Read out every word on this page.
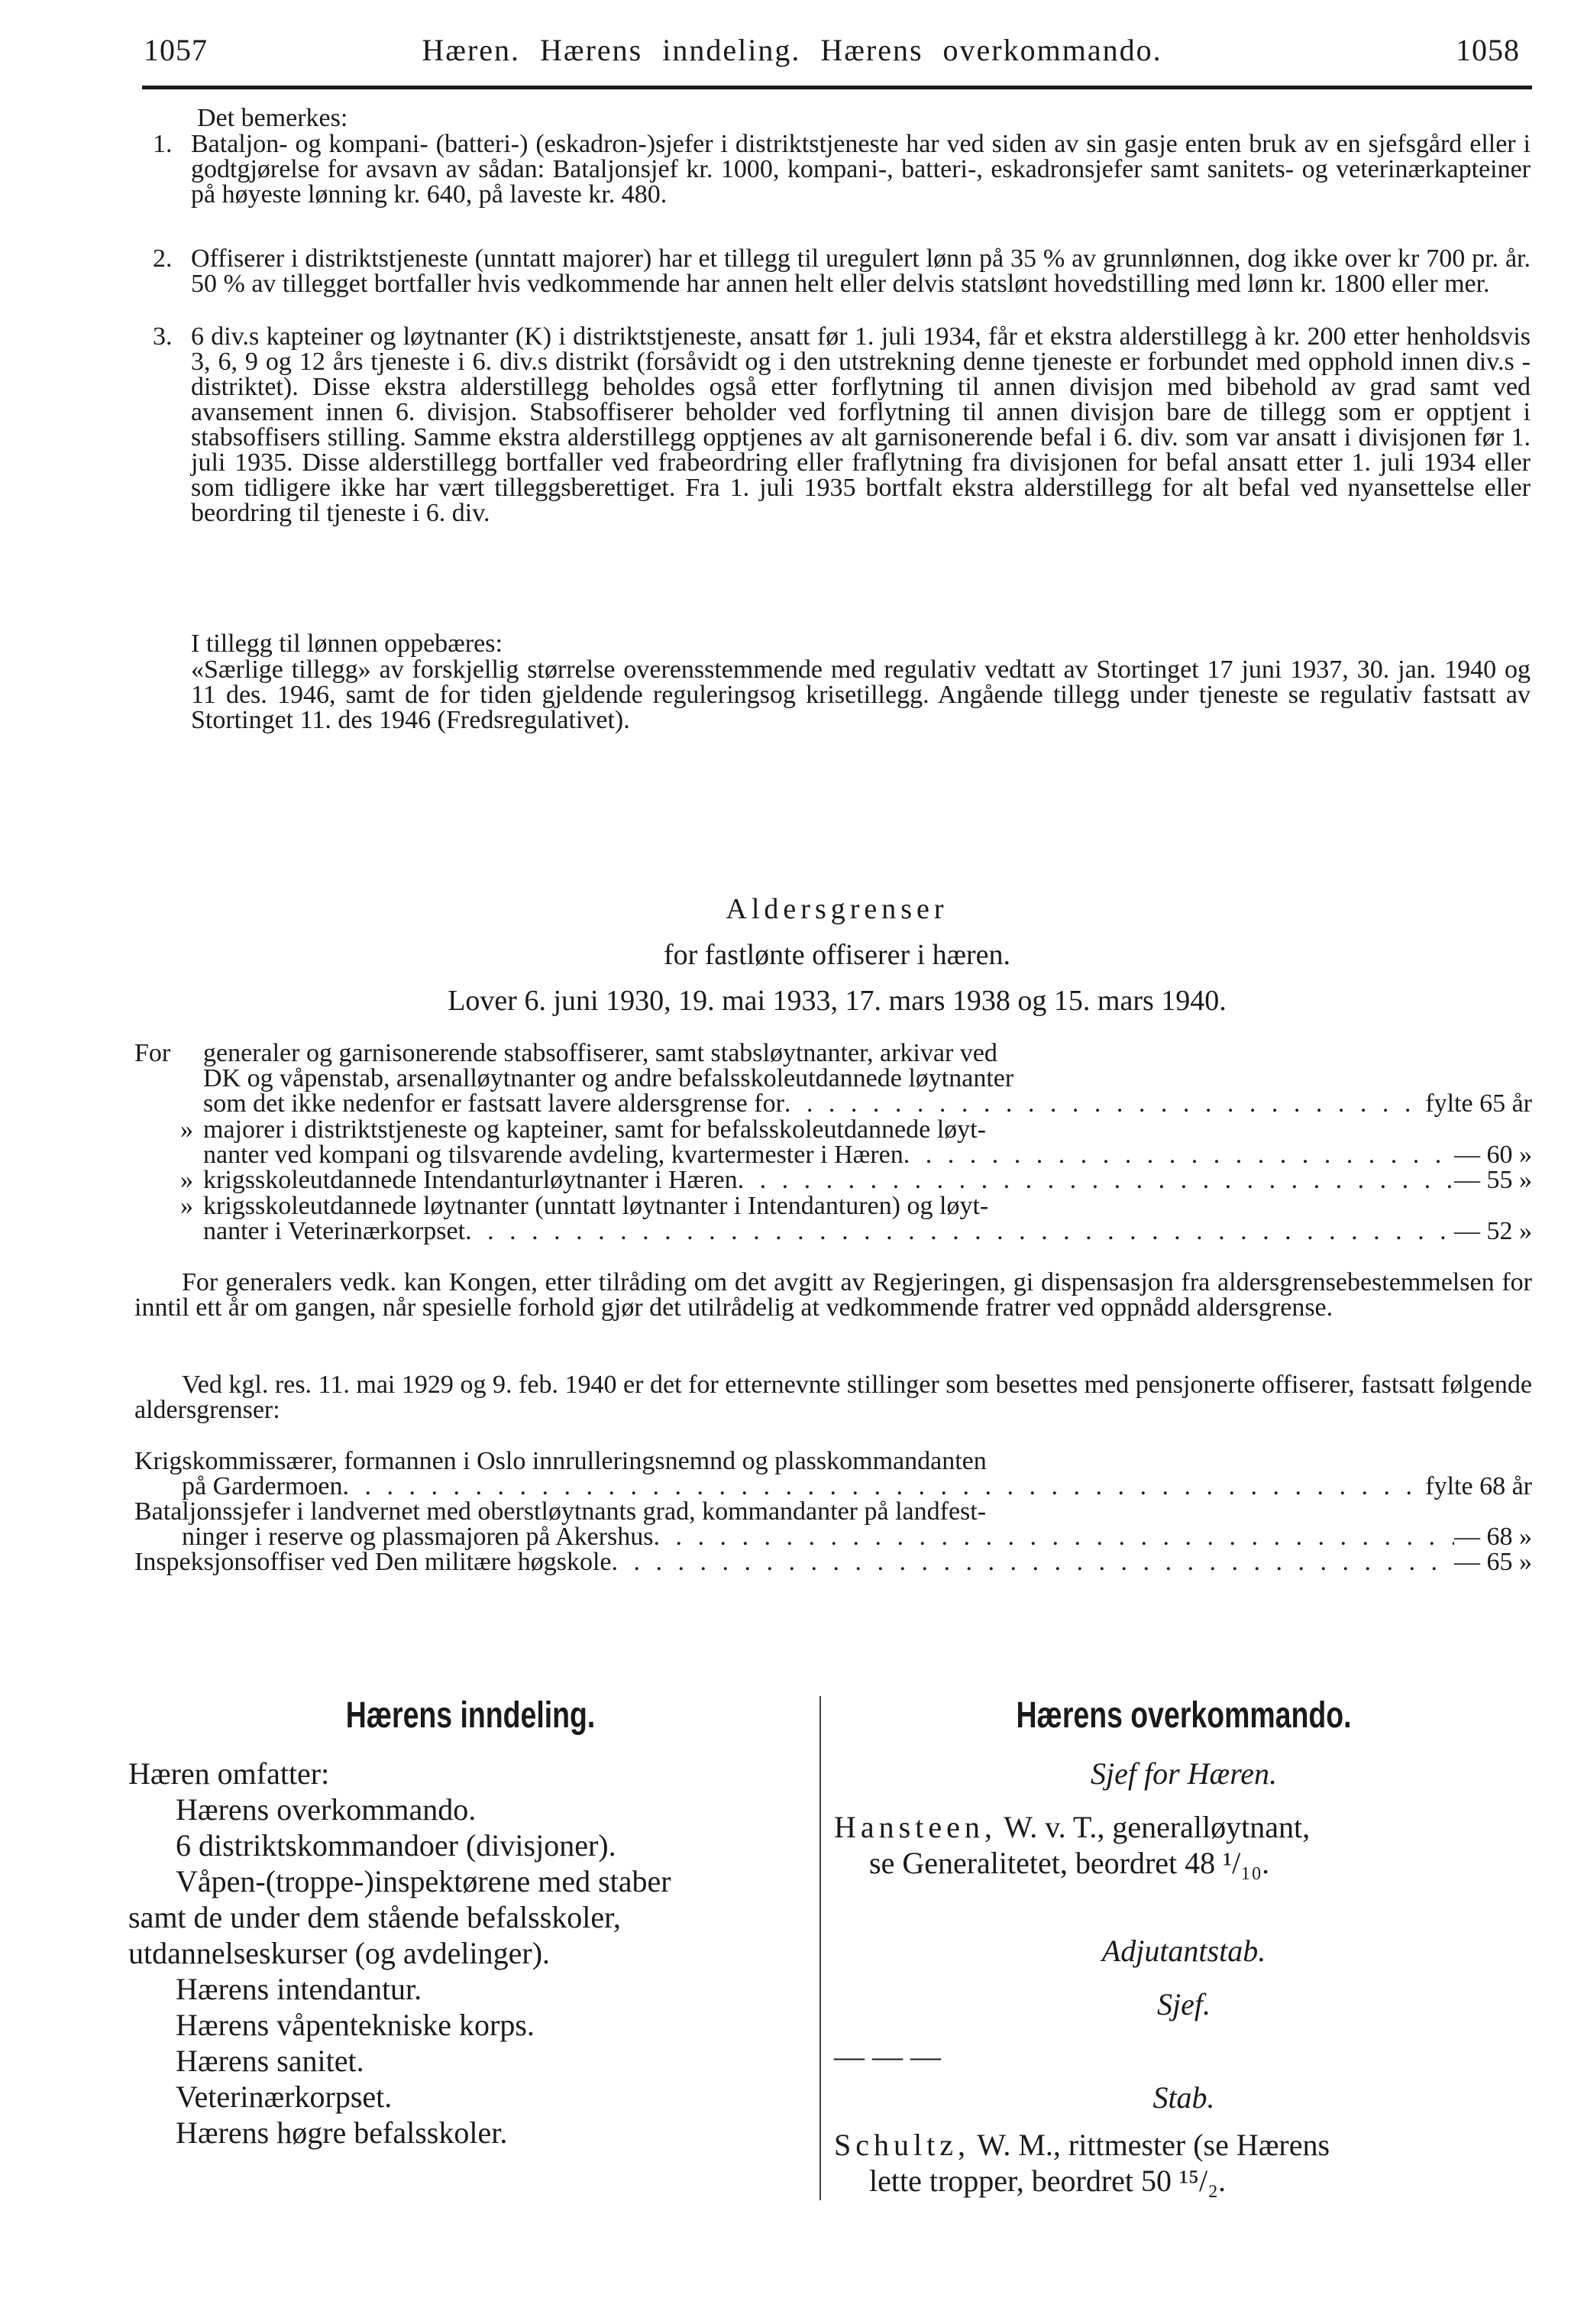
1057	Hæren. Hærens inndeling. Hærens overkommando.	1058
Det bemerkes:
1. Bataljon- og kompani- (batteri-) (eskadron-)sjefer i distriktstjeneste har ved siden av sin gasje enten bruk av en sjefsgård eller i godtgjørelse for avsavn av sådan: Bataljonsjef kr. 1000, kompani-, batteri-, eskadronsjefer samt sanitets- og veterinærkapteiner på høyeste lønning kr. 640, på laveste kr. 480.
2. Offiserer i distriktstjeneste (unntatt majorer) har et tillegg til uregulert lønn på 35 % av grunnlønnen, dog ikke over kr 700 pr. år. 50 % av tillegget bortfaller hvis vedkommende har annen helt eller delvis statslønt hovedstilling med lønn kr. 1800 eller mer.
3. 6 div.s kapteiner og løytnanter (K) i distriktstjeneste, ansatt før 1. juli 1934, får et ekstra alderstillegg à kr. 200 etter henholdsvis 3, 6, 9 og 12 års tjeneste i 6. div.s distrikt (forsåvidt og i den utstrekning denne tjeneste er forbundet med opphold innen div.s -distriktet). Disse ekstra alderstillegg beholdes også etter forflytning til annen divisjon med bibehold av grad samt ved avansement innen 6. divisjon. Stabsoffiserer beholder ved forflytning til annen divisjon bare de tillegg som er opptjent i stabsoffisers stilling. Samme ekstra alderstillegg opptjenes av alt garnisonerende befal i 6. div. som var ansatt i divisjonen før 1. juli 1935. Disse alderstillegg bortfaller ved frabeordring eller fraflytning fra divisjonen for befal ansatt etter 1. juli 1934 eller som tidligere ikke har vært tilleggsberettiget. Fra 1. juli 1935 bortfalt ekstra alderstillegg for alt befal ved nyansettelse eller beordring til tjeneste i 6. div.
I tillegg til lønnen oppebæres:
«Særlige tillegg» av forskjellig størrelse overensstemmende med regulativ vedtatt av Stortinget 17 juni 1937, 30. jan. 1940 og 11 des. 1946, samt de for tiden gjeldende reguleringsog krisetillegg. Angående tillegg under tjeneste se regulativ fastsatt av Stortinget 11. des 1946 (Fredsregulativet).
Aldersgrenser
for fastlønte offiserer i hæren.
Lover 6. juni 1930, 19. mai 1933, 17. mars 1938 og 15. mars 1940.
For generaler og garnisonerende stabsoffiserer, samt stabsløytnanter, arkivar ved
DK og våpenstab, arsenalløytnanter og andre befalsskoleutdannede løytnanter
som det ikke nedenfor er fastsatt lavere aldersgrense for . . .	fylte 65 år
» majorer i distriktstjeneste og kapteiner, samt for befalsskoleutdannede løyt-
nanter ved kompani og tilsvarende avdeling, kvartermester i Hæren . . .	— 60 »
» krigsskoleutdannede Intendanturløytnanter i Hæren . . .	— 55 »
» krigsskoleutdannede løytnanter (unntatt løytnanter i Intendanturen) og løyt-
nanter i Veterinærkorpset . . .	— 52 »
For generalers vedk. kan Kongen, etter tilråding om det avgitt av Regjeringen, gi dispensasjon fra aldersgrensebestemmelsen for inntil ett år om gangen, når spesielle forhold gjør det utilrådelig at vedkommende fratrer ved oppnådd aldersgrense.
Ved kgl. res. 11. mai 1929 og 9. feb. 1940 er det for etternevnte stillinger som besettes med pensjonerte offiserer, fastsatt følgende aldersgrenser:
Krigskommissærer, formannen i Oslo innrulleringsnemnd og plasskommandanten
på Gardermoen . . .	fylte 68 år
Bataljonssjefer i landvernet med oberstløytnants grad, kommandanter på landfest-
ninger i reserve og plassmajoren på Akershus . . .	— 68 »
Inspeksjonsoffiser ved Den militære høgskole . . .	— 65 »
Hærens inndeling.
Hæren omfatter:
Hærens overkommando.
6 distriktskommandoer (divisjoner).
Våpen-(troppe-)inspektørene med staber
samt de under dem stående befalsskoler,
utdannelseskurser (og avdelinger).
Hærens intendantur.
Hærens våpentekniske korps.
Hærens sanitet.
Veterinærkorpset.
Hærens høgre befalsskoler.
Hærens overkommando.
Sjef for Hæren.
Hansteen, W. v. T., generalløytnant,
se Generalitetet, beordret 48 ¹/₁₀.
Adjutantstab.
Sjef.
— — —
Stab.
Schultz, W. M., rittmester (se Hærens
lette tropper, beordret 50 ¹⁵/₂.
